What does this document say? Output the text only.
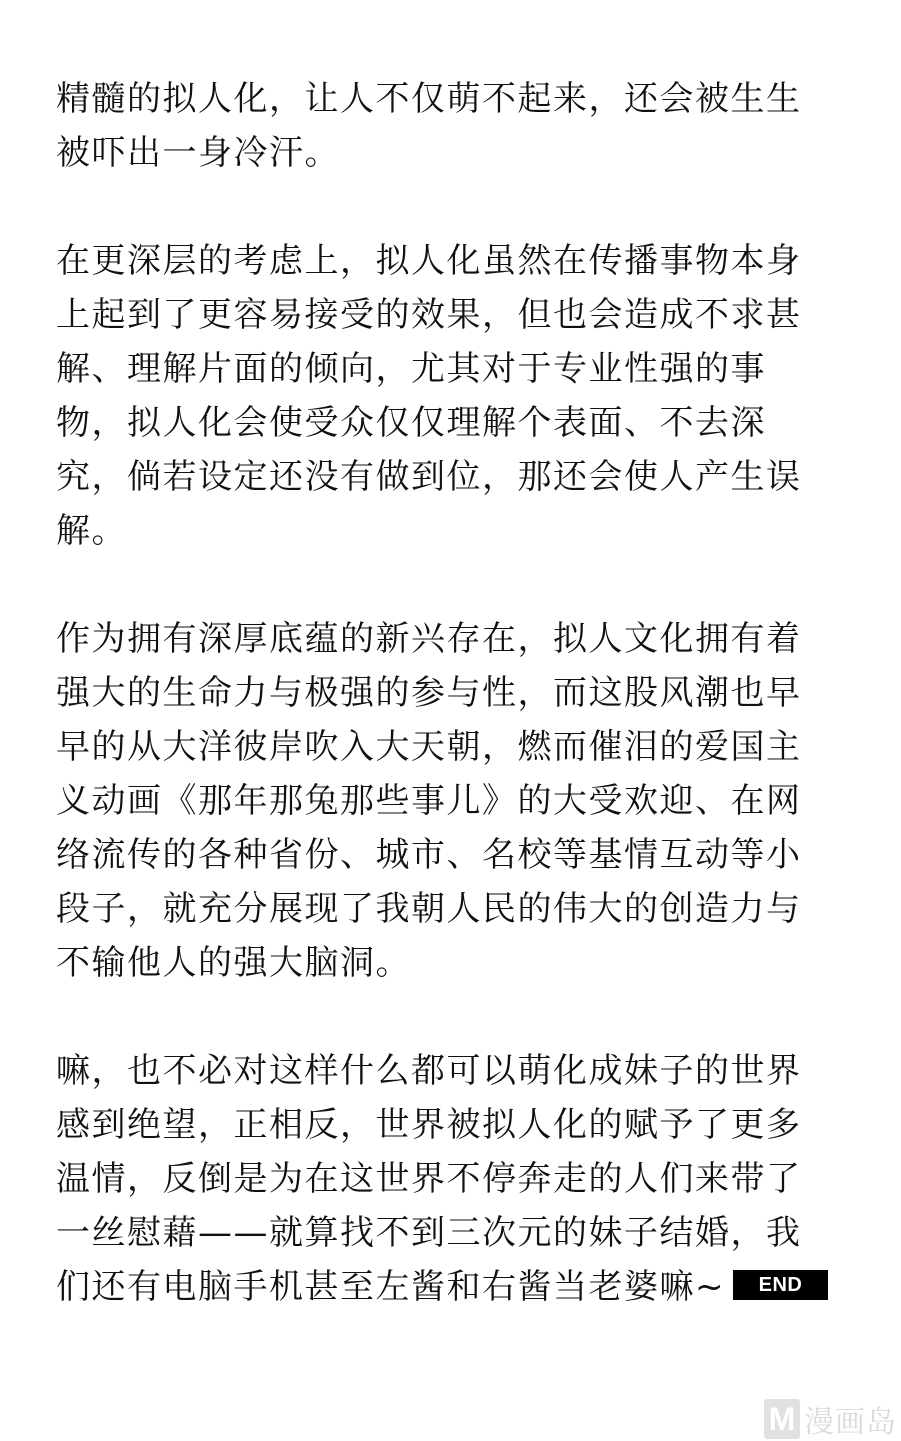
精髓的拟人化，让人不仅萌不起来，还会被生生
被吓出一身冷汗。

在更深层的考虑上，拟人化虽然在传播事物本身
上起到了更容易接受的效果，但也会造成不求甚
解、理解片面的倾向，尤其对于专业性强的事
物，拟人化会使受众仅仅理解个表面、不去深
究，倘若设定还没有做到位，那还会使人产生误
解。

作为拥有深厚底蕴的新兴存在，拟人文化拥有着
强大的生命力与极强的参与性，而这股风潮也早
早的从大洋彼岸吹入大天朝，燃而催泪的爱国主
义动画《那年那兔那些事儿》的大受欢迎、在网
络流传的各种省份、城市、名校等基情互动等小
段子，就充分展现了我朝人民的伟大的创造力与
不输他人的强大脑洞。

嘛，也不必对这样什么都可以萌化成妹子的世界
感到绝望，正相反，世界被拟人化的赋予了更多
温情，反倒是为在这世界不停奔走的人们来带了
一丝慰藉——就算找不到三次元的妹子结婚，我
们还有电脑手机甚至左酱和右酱当老婆嘛~ END

M 漫画岛
